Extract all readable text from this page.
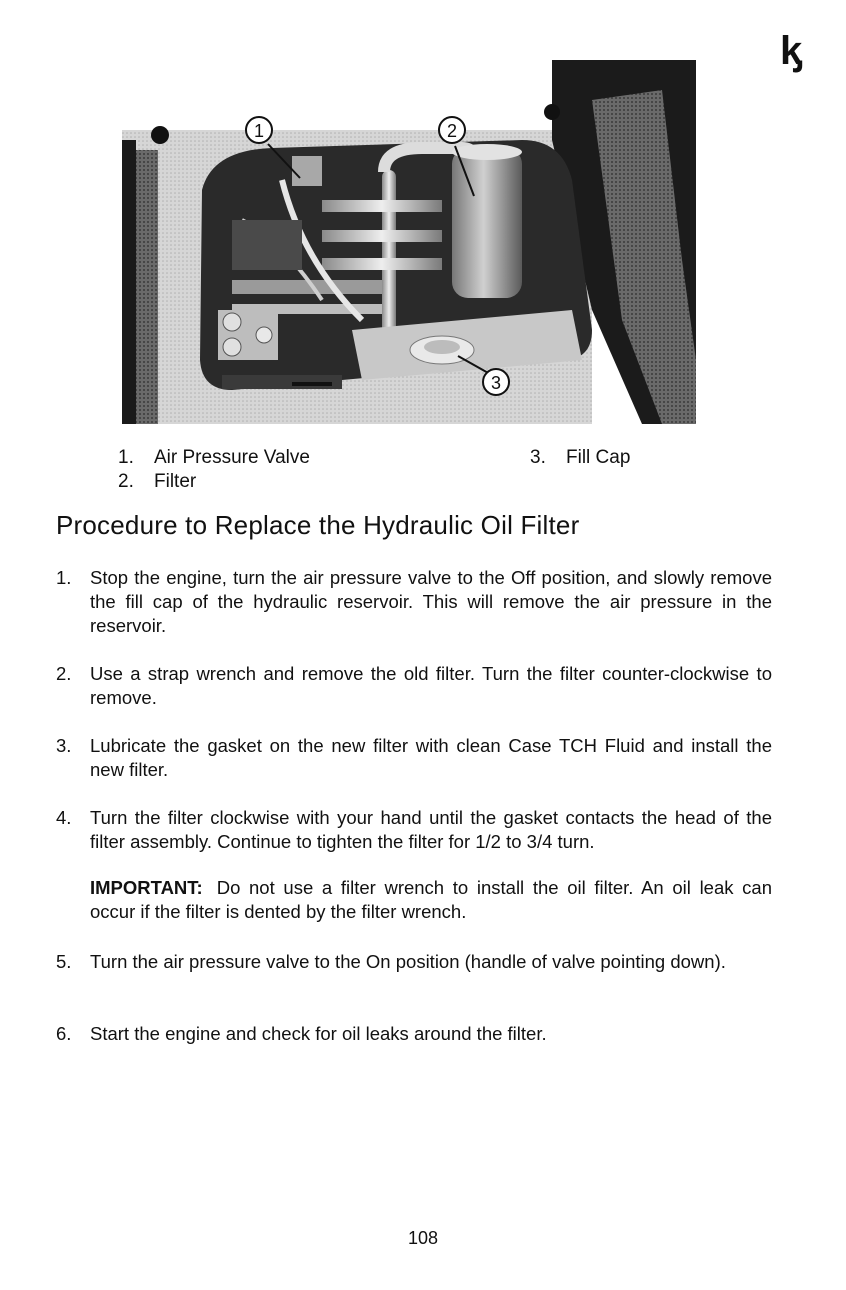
ᶄ
1	2
3
1. Air Pressure Valve
2. Filter
3. Fill Cap
Procedure to Replace the Hydraulic Oil Filter
1.	Stop the engine, turn the air pressure valve to the Off position, and slowly remove the fill cap of the hydraulic reservoir. This will remove the air pressure in the reservoir.
2.	Use a strap wrench and remove the old filter. Turn the filter counter-clockwise to remove.
3.	Lubricate the gasket on the new filter with clean Case TCH Fluid and install the new filter.
4.	Turn the filter clockwise with your hand until the gasket contacts the head of the filter assembly. Continue to tighten the filter for 1/2 to 3/4 turn.
IMPORTANT: Do not use a filter wrench to install the oil filter. An oil leak can occur if the filter is dented by the filter wrench.
5.	Turn the air pressure valve to the On position (handle of valve pointing down).
6.	Start the engine and check for oil leaks around the filter.
108
